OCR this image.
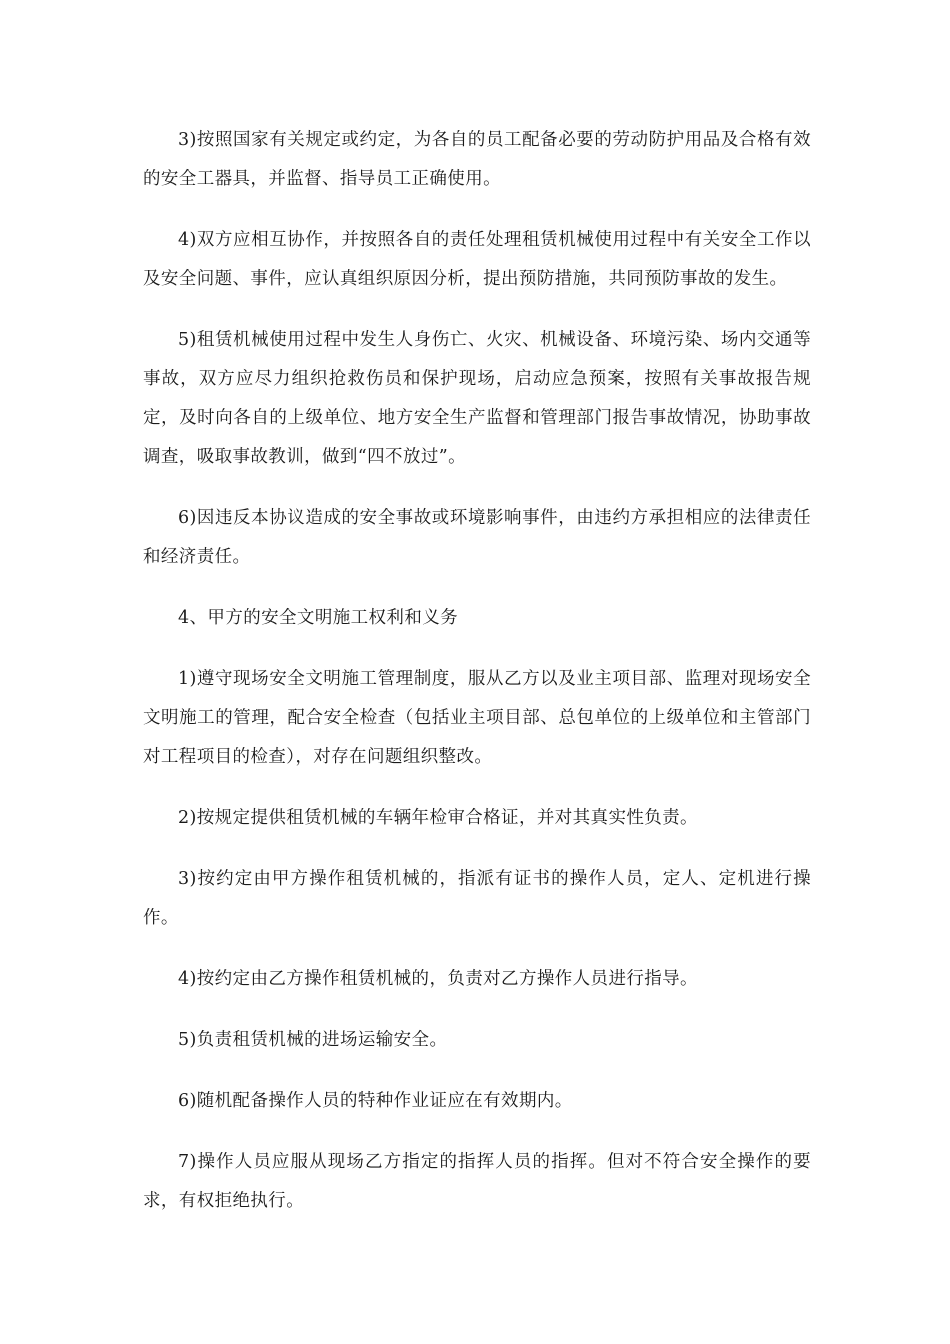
3)按照国家有关规定或约定，为各自的员工配备必要的劳动防护用品及合格有效的安全工器具，并监督、指导员工正确使用。

4)双方应相互协作，并按照各自的责任处理租赁机械使用过程中有关安全工作以及安全问题、事件，应认真组织原因分析，提出预防措施，共同预防事故的发生。

5)租赁机械使用过程中发生人身伤亡、火灾、机械设备、环境污染、场内交通等事故，双方应尽力组织抢救伤员和保护现场，启动应急预案，按照有关事故报告规定，及时向各自的上级单位、地方安全生产监督和管理部门报告事故情况，协助事故调查，吸取事故教训，做到“四不放过”。

6)因违反本协议造成的安全事故或环境影响事件，由违约方承担相应的法律责任和经济责任。

4、甲方的安全文明施工权利和义务

1)遵守现场安全文明施工管理制度，服从乙方以及业主项目部、监理对现场安全文明施工的管理，配合安全检查（包括业主项目部、总包单位的上级单位和主管部门对工程项目的检查），对存在问题组织整改。

2)按规定提供租赁机械的车辆年检审合格证，并对其真实性负责。

3)按约定由甲方操作租赁机械的，指派有证书的操作人员，定人、定机进行操作。

4)按约定由乙方操作租赁机械的，负责对乙方操作人员进行指导。

5)负责租赁机械的进场运输安全。

6)随机配备操作人员的特种作业证应在有效期内。

7)操作人员应服从现场乙方指定的指挥人员的指挥。但对不符合安全操作的要求，有权拒绝执行。
